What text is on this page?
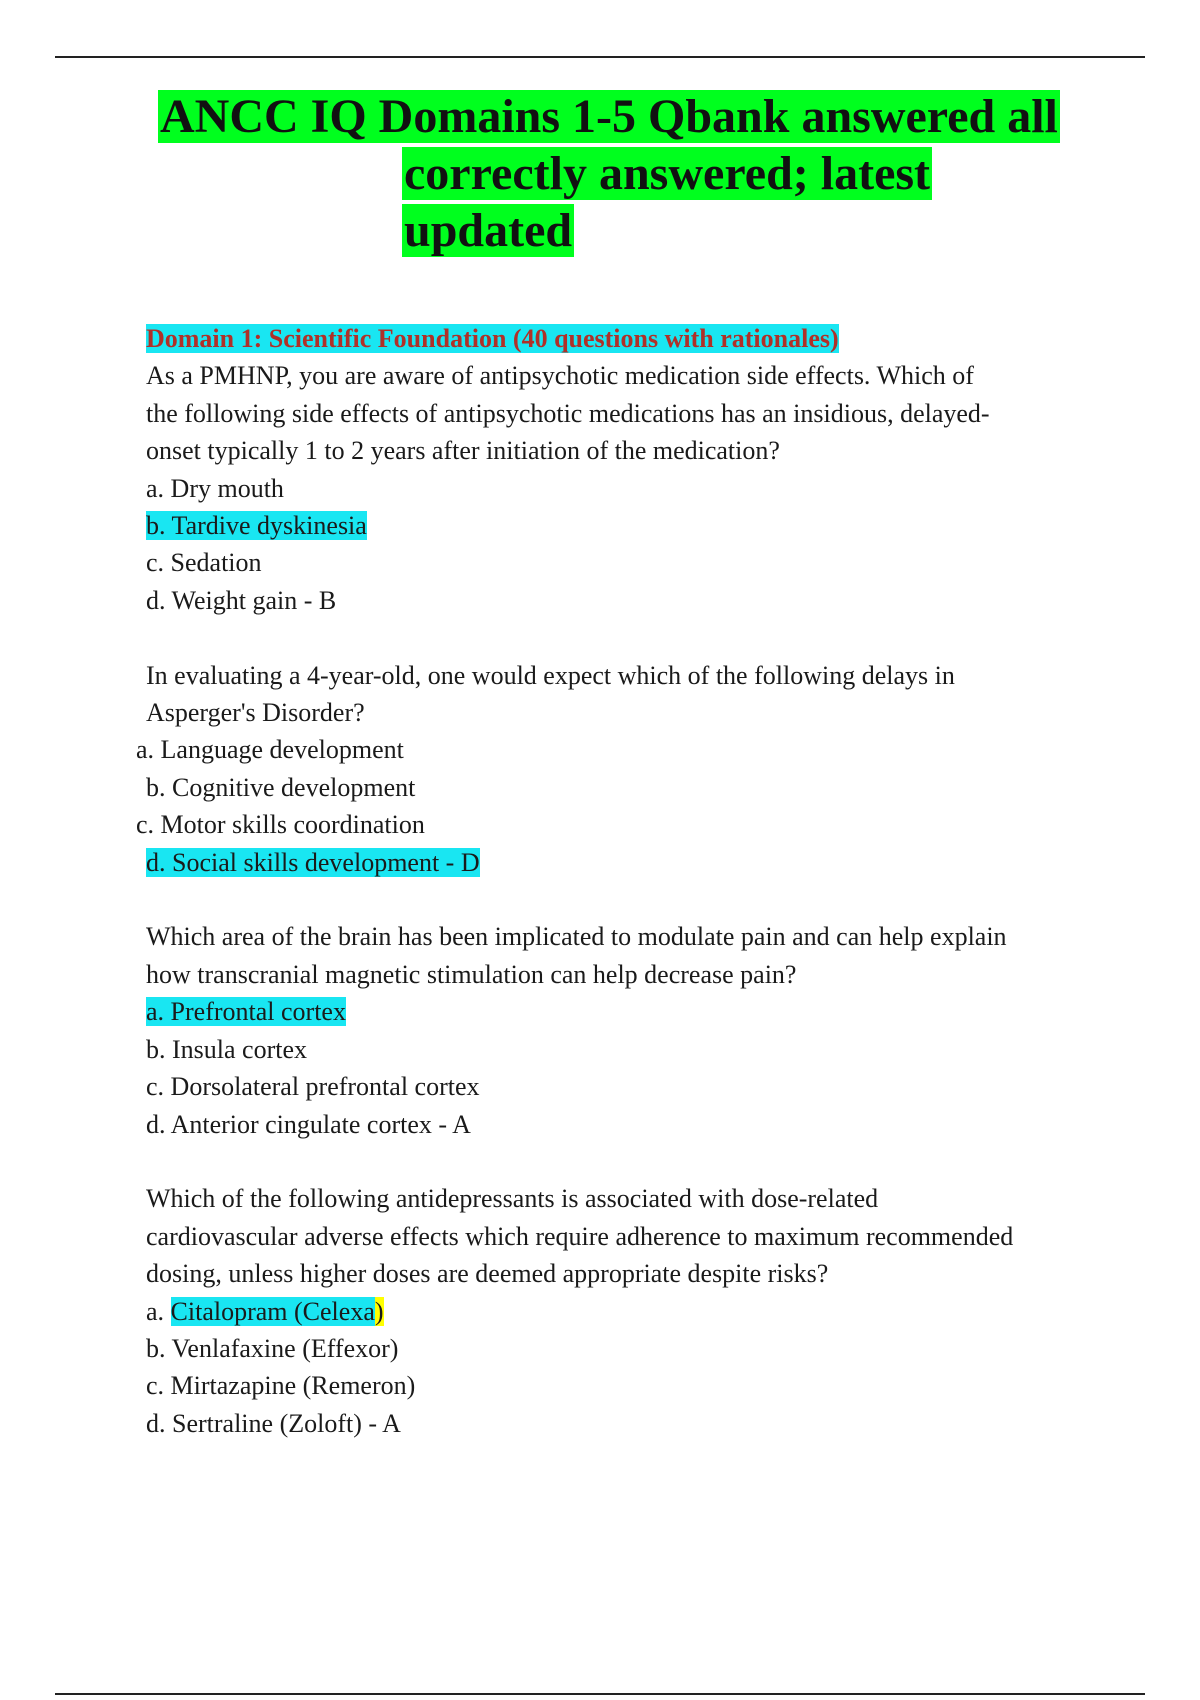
ANCC IQ Domains 1-5 Qbank answered all
correctly answered; latest
updated
Domain 1: Scientific Foundation (40 questions with rationales)
As a PMHNP, you are aware of antipsychotic medication side effects. Which of
the following side effects of antipsychotic medications has an insidious, delayed-
onset typically 1 to 2 years after initiation of the medication?
a. Dry mouth
b. Tardive dyskinesia
c. Sedation
d. Weight gain - B
In evaluating a 4-year-old, one would expect which of the following delays in
Asperger's Disorder?
a. Language development
b. Cognitive development
c. Motor skills coordination
d. Social skills development - D
Which area of the brain has been implicated to modulate pain and can help explain
how transcranial magnetic stimulation can help decrease pain?
a. Prefrontal cortex
b. Insula cortex
c. Dorsolateral prefrontal cortex
d. Anterior cingulate cortex - A
Which of the following antidepressants is associated with dose-related
cardiovascular adverse effects which require adherence to maximum recommended
dosing, unless higher doses are deemed appropriate despite risks?
a. Citalopram (Celexa)
b. Venlafaxine (Effexor)
c. Mirtazapine (Remeron)
d. Sertraline (Zoloft) - A
